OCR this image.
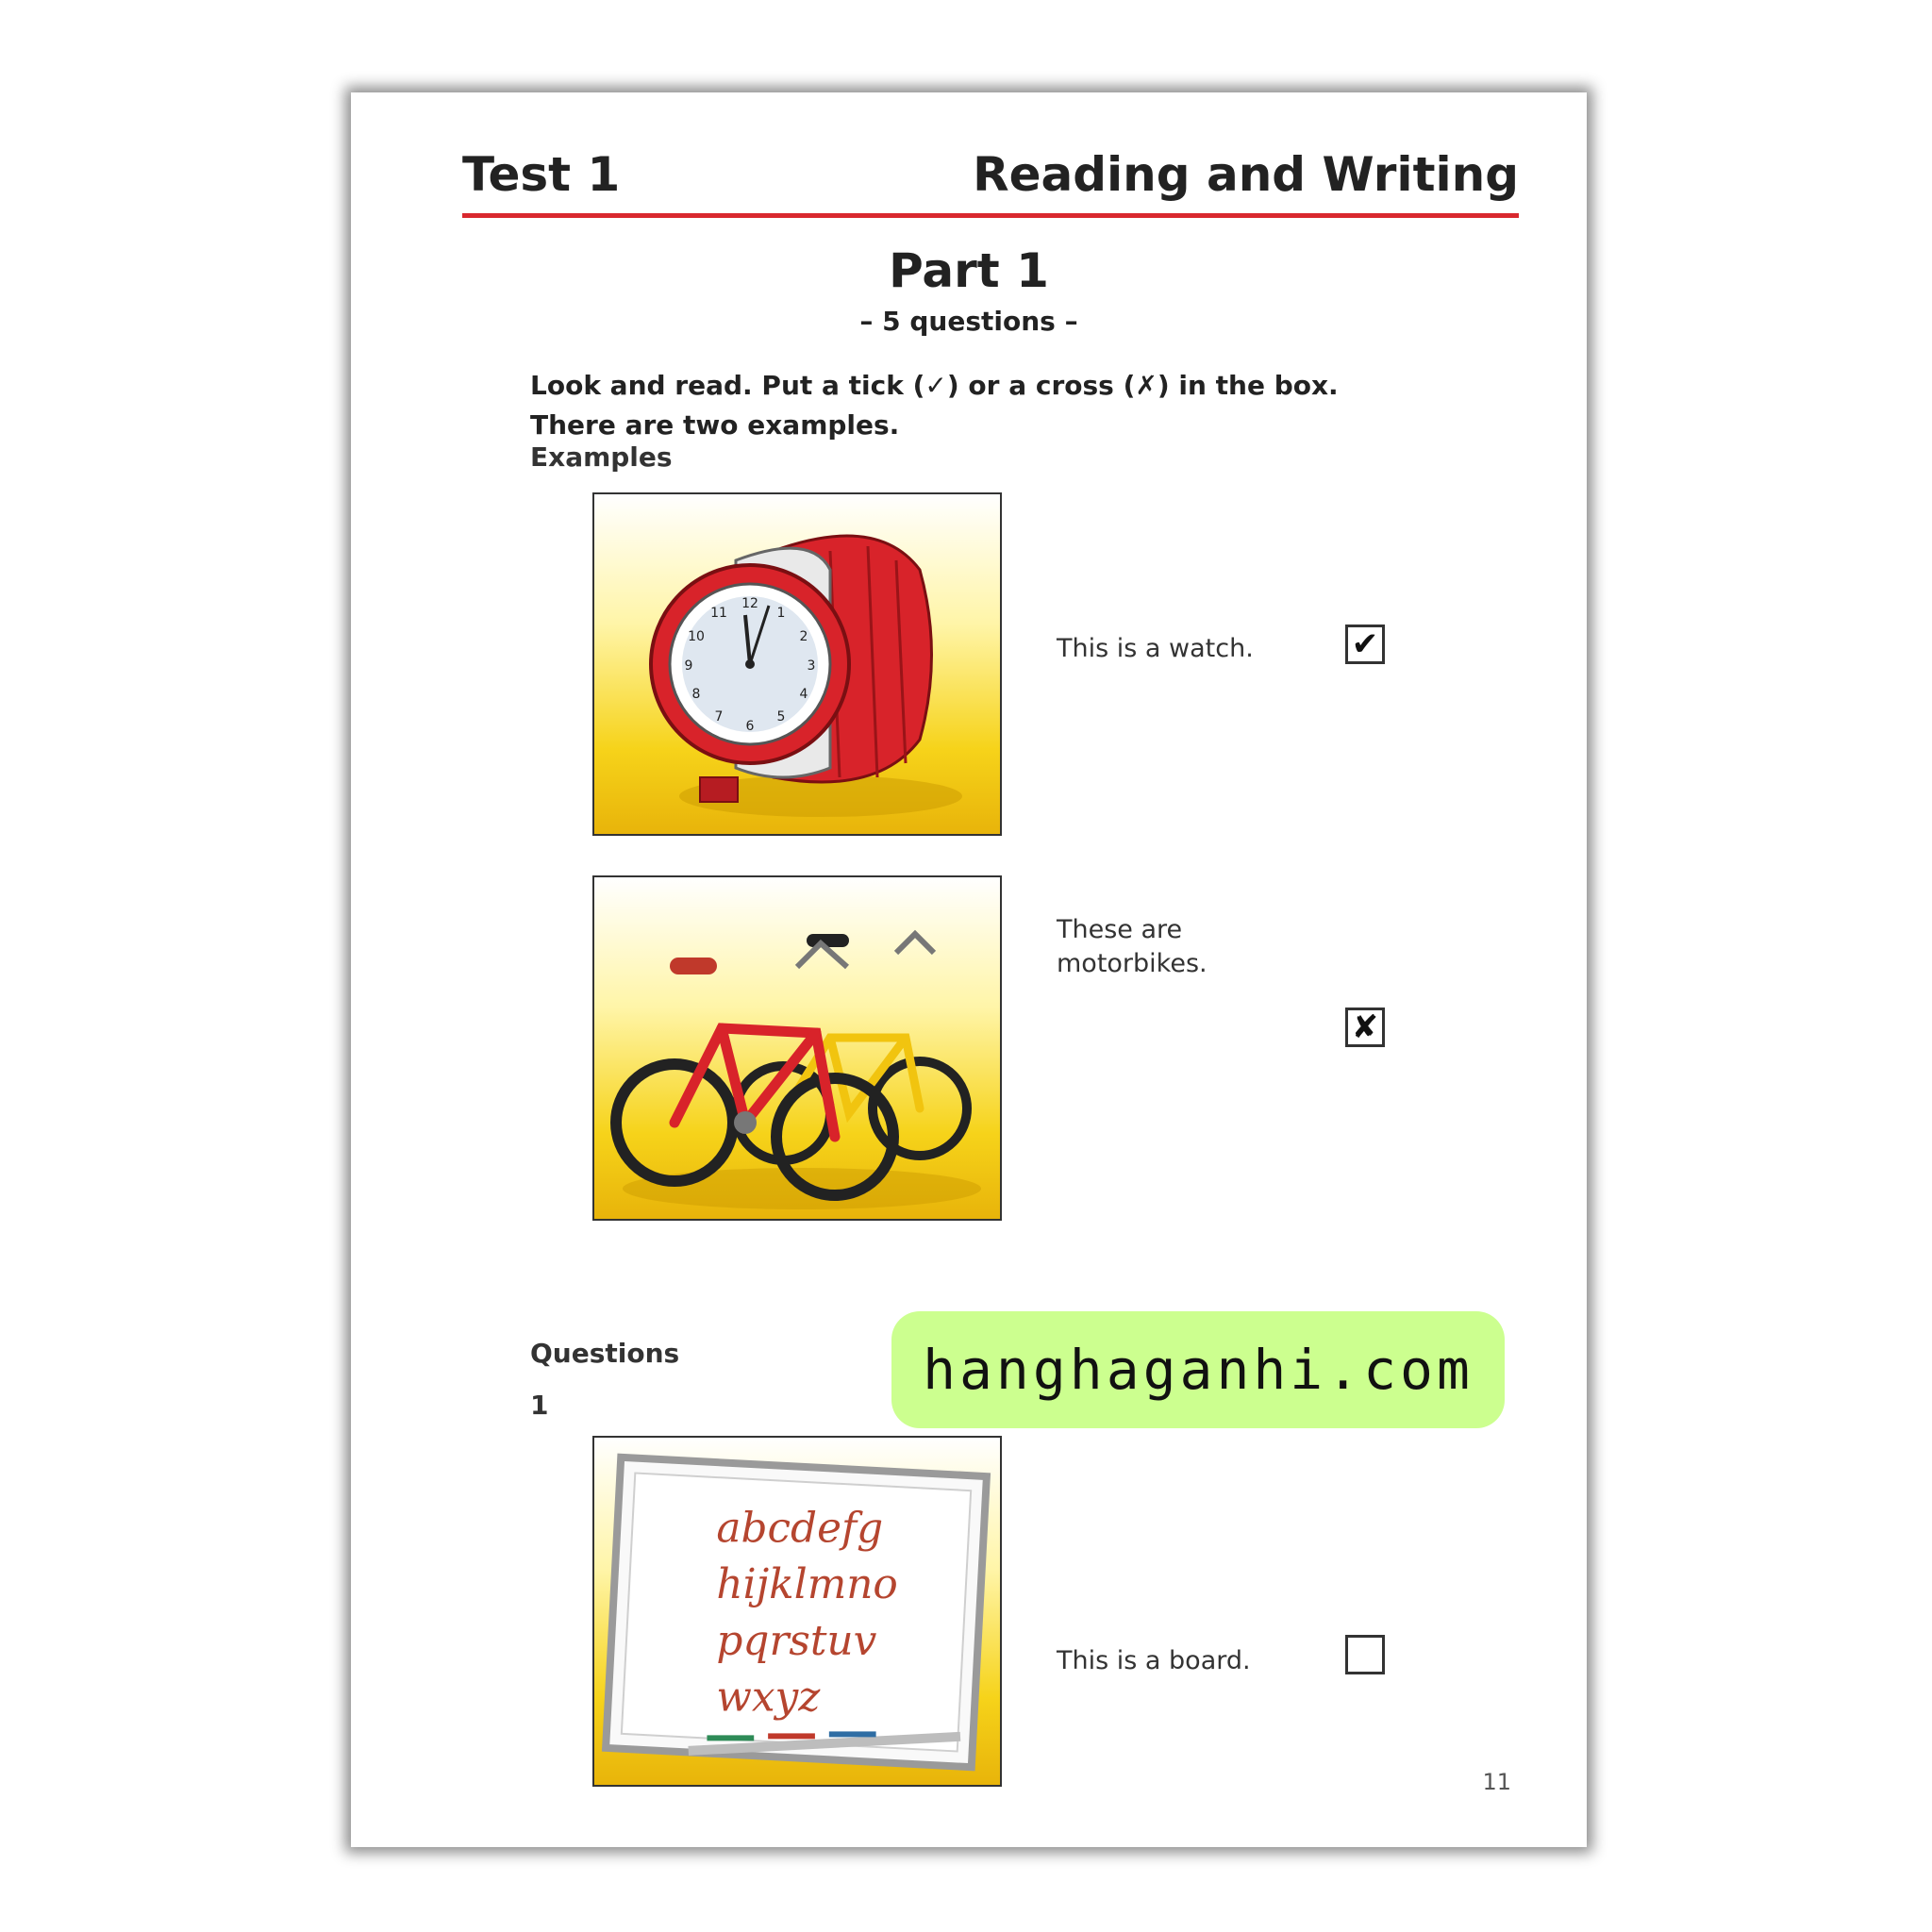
Test 1	Reading and Writing
Part 1
– 5 questions –
Look and read. Put a tick (✓) or a cross (✗) in the box.
There are two examples.
Examples
12
1
2
3
4
5
6
7
8
9
10
11
This is a watch.	✔
These are
motorbikes.
✘
Questions
1
abcdefg
hijklmno
pqrstuv
wxyz
This is a board.
11
hanghaganhi.com
